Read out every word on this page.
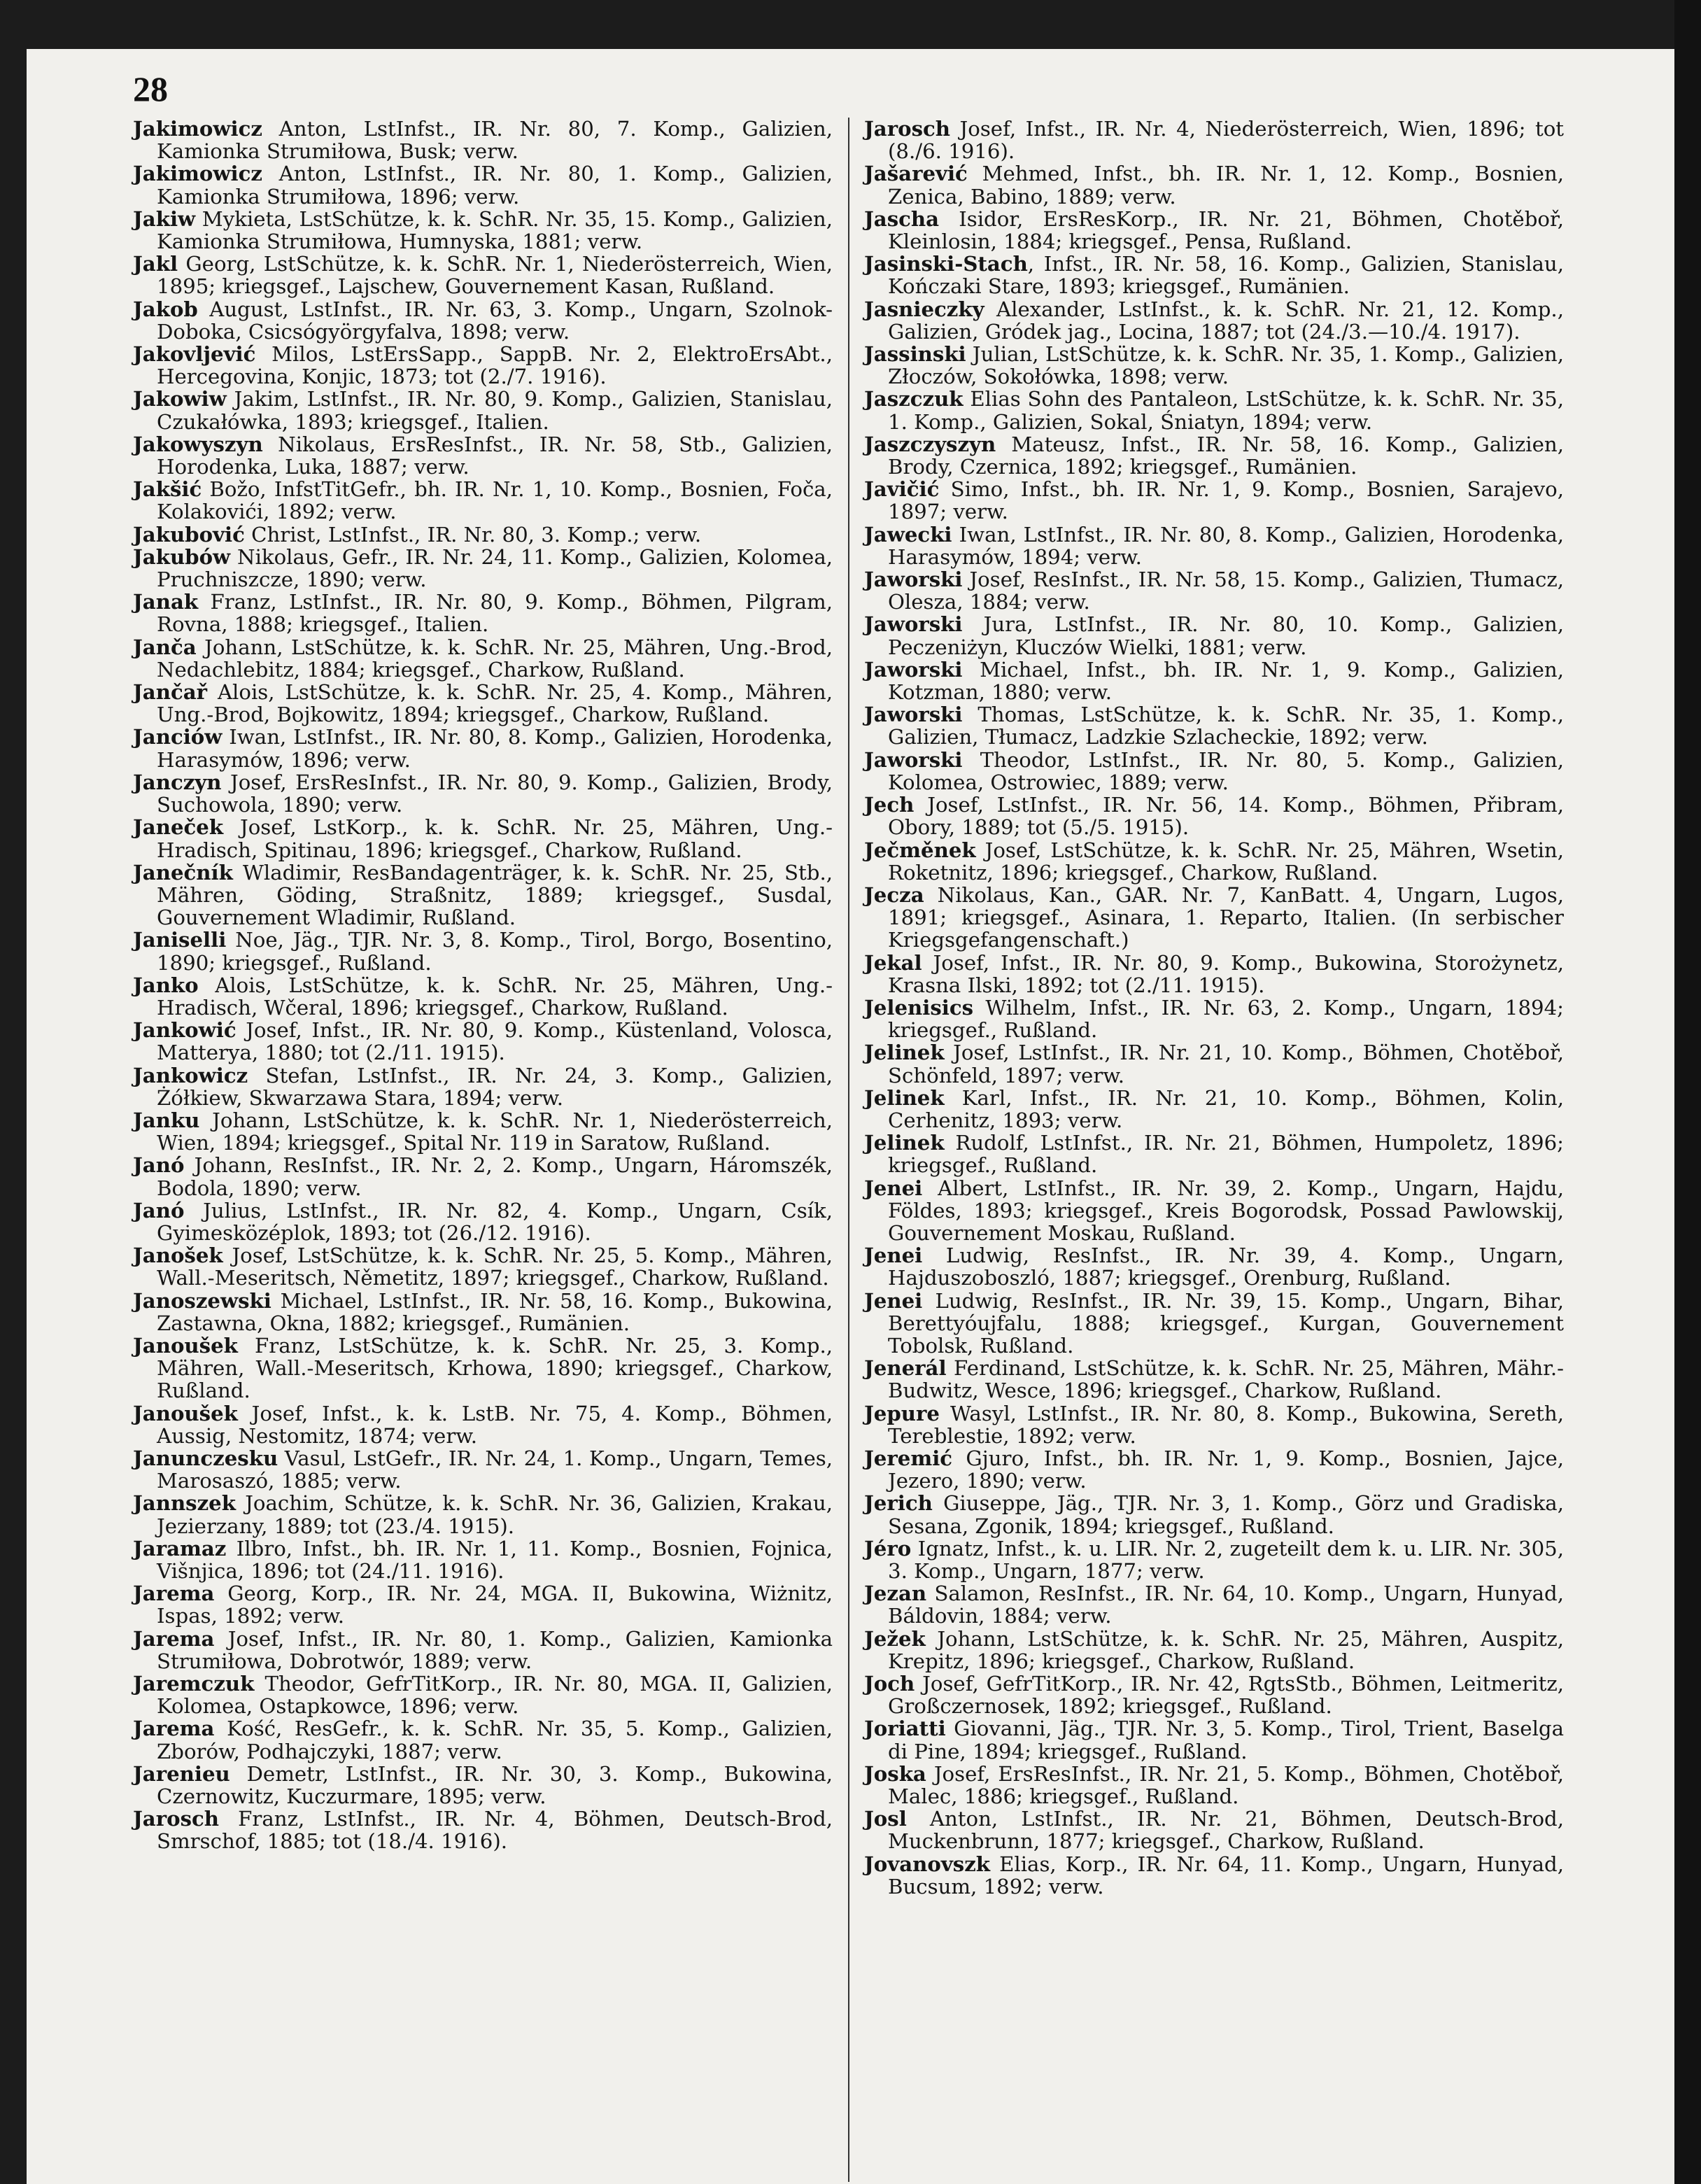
28
Jakimowicz Anton, LstInfst., IR. Nr. 80, 7. Komp., Galizien, Kamionka Strumiłowa, Busk; verw.
Jakimowicz Anton, LstInfst., IR. Nr. 80, 1. Komp., Galizien, Kamionka Strumiłowa, 1896; verw.
Jakiw Mykieta, LstSchütze, k. k. SchR. Nr. 35, 15. Komp., Galizien, Kamionka Strumiłowa, Humnyska, 1881; verw.
Jakl Georg, LstSchütze, k. k. SchR. Nr. 1, Niederösterreich, Wien, 1895; kriegsgef., Lajschew, Gouvernement Kasan, Rußland.
Jakob August, LstInfst., IR. Nr. 63, 3. Komp., Ungarn, Szolnok-Doboka, Csicsógyörgyfalva, 1898; verw.
Jakovljević Milos, LstErsSapp., SappB. Nr. 2, ElektroErsAbt., Hercegovina, Konjic, 1873; tot (2./7. 1916).
Jakowiw Jakim, LstInfst., IR. Nr. 80, 9. Komp., Galizien, Stanislau, Czukałówka, 1893; kriegsgef., Italien.
Jakowyszyn Nikolaus, ErsResInfst., IR. Nr. 58, Stb., Galizien, Horodenka, Luka, 1887; verw.
Jakšić Božo, InfstTitGefr., bh. IR. Nr. 1, 10. Komp., Bosnien, Foča, Kolakovići, 1892; verw.
Jakubović Christ, LstInfst., IR. Nr. 80, 3. Komp.; verw.
Jakubów Nikolaus, Gefr., IR. Nr. 24, 11. Komp., Galizien, Kolomea, Pruchniszcze, 1890; verw.
Janak Franz, LstInfst., IR. Nr. 80, 9. Komp., Böhmen, Pilgram, Rovna, 1888; kriegsgef., Italien.
Janča Johann, LstSchütze, k. k. SchR. Nr. 25, Mähren, Ung.-Brod, Nedachlebitz, 1884; kriegsgef., Charkow, Rußland.
Jančař Alois, LstSchütze, k. k. SchR. Nr. 25, 4. Komp., Mähren, Ung.-Brod, Bojkowitz, 1894; kriegsgef., Charkow, Rußland.
Janciów Iwan, LstInfst., IR. Nr. 80, 8. Komp., Galizien, Horodenka, Harasymów, 1896; verw.
Janczyn Josef, ErsResInfst., IR. Nr. 80, 9. Komp., Galizien, Brody, Suchowola, 1890; verw.
Janeček Josef, LstKorp., k. k. SchR. Nr. 25, Mähren, Ung.-Hradisch, Spitinau, 1896; kriegsgef., Charkow, Rußland.
Janečník Wladimir, ResBandagenträger, k. k. SchR. Nr. 25, Stb., Mähren, Göding, Straßnitz, 1889; kriegsgef., Susdal, Gouvernement Wladimir, Rußland.
Janiselli Noe, Jäg., TJR. Nr. 3, 8. Komp., Tirol, Borgo, Bosentino, 1890; kriegsgef., Rußland.
Janko Alois, LstSchütze, k. k. SchR. Nr. 25, Mähren, Ung.-Hradisch, Wčeral, 1896; kriegsgef., Charkow, Rußland.
Jankowić Josef, Infst., IR. Nr. 80, 9. Komp., Küstenland, Volosca, Matterya, 1880; tot (2./11. 1915).
Jankowicz Stefan, LstInfst., IR. Nr. 24, 3. Komp., Galizien, Żółkiew, Skwarzawa Stara, 1894; verw.
Janku Johann, LstSchütze, k. k. SchR. Nr. 1, Niederösterreich, Wien, 1894; kriegsgef., Spital Nr. 119 in Saratow, Rußland.
Janó Johann, ResInfst., IR. Nr. 2, 2. Komp., Ungarn, Háromszék, Bodola, 1890; verw.
Janó Julius, LstInfst., IR. Nr. 82, 4. Komp., Ungarn, Csík, Gyimesközéplok, 1893; tot (26./12. 1916).
Janošek Josef, LstSchütze, k. k. SchR. Nr. 25, 5. Komp., Mähren, Wall.-Meseritsch, Němetitz, 1897; kriegsgef., Charkow, Rußland.
Janoszewski Michael, LstInfst., IR. Nr. 58, 16. Komp., Bukowina, Zastawna, Okna, 1882; kriegsgef., Rumänien.
Janoušek Franz, LstSchütze, k. k. SchR. Nr. 25, 3. Komp., Mähren, Wall.-Meseritsch, Krhowa, 1890; kriegsgef., Charkow, Rußland.
Janoušek Josef, Infst., k. k. LstB. Nr. 75, 4. Komp., Böhmen, Aussig, Nestomitz, 1874; verw.
Janunczesku Vasul, LstGefr., IR. Nr. 24, 1. Komp., Ungarn, Temes, Marosaszó, 1885; verw.
Jannszek Joachim, Schütze, k. k. SchR. Nr. 36, Galizien, Krakau, Jezierzany, 1889; tot (23./4. 1915).
Jaramaz Ilbro, Infst., bh. IR. Nr. 1, 11. Komp., Bosnien, Fojnica, Višnjica, 1896; tot (24./11. 1916).
Jarema Georg, Korp., IR. Nr. 24, MGA. II, Bukowina, Wiżnitz, Ispas, 1892; verw.
Jarema Josef, Infst., IR. Nr. 80, 1. Komp., Galizien, Kamionka Strumiłowa, Dobrotwór, 1889; verw.
Jaremczuk Theodor, GefrTitKorp., IR. Nr. 80, MGA. II, Galizien, Kolomea, Ostapkowce, 1896; verw.
Jarema Kość, ResGefr., k. k. SchR. Nr. 35, 5. Komp., Galizien, Zborów, Podhajczyki, 1887; verw.
Jarenieu Demetr, LstInfst., IR. Nr. 30, 3. Komp., Bukowina, Czernowitz, Kuczurmare, 1895; verw.
Jarosch Franz, LstInfst., IR. Nr. 4, Böhmen, Deutsch-Brod, Smrschof, 1885; tot (18./4. 1916).
Jarosch Josef, Infst., IR. Nr. 4, Niederösterreich, Wien, 1896; tot (8./6. 1916).
Jašarević Mehmed, Infst., bh. IR. Nr. 1, 12. Komp., Bosnien, Zenica, Babino, 1889; verw.
Jascha Isidor, ErsResKorp., IR. Nr. 21, Böhmen, Chotěboř, Kleinlosin, 1884; kriegsgef., Pensa, Rußland.
Jasinski-Stach, Infst., IR. Nr. 58, 16. Komp., Galizien, Stanislau, Kończaki Stare, 1893; kriegsgef., Rumänien.
Jasnieczky Alexander, LstInfst., k. k. SchR. Nr. 21, 12. Komp., Galizien, Gródek jag., Locina, 1887; tot (24./3.—10./4. 1917).
Jassinski Julian, LstSchütze, k. k. SchR. Nr. 35, 1. Komp., Galizien, Złoczów, Sokołówka, 1898; verw.
Jaszczuk Elias Sohn des Pantaleon, LstSchütze, k. k. SchR. Nr. 35, 1. Komp., Galizien, Sokal, Śniatyn, 1894; verw.
Jaszczyszyn Mateusz, Infst., IR. Nr. 58, 16. Komp., Galizien, Brody, Czernica, 1892; kriegsgef., Rumänien.
Javičić Simo, Infst., bh. IR. Nr. 1, 9. Komp., Bosnien, Sarajevo, 1897; verw.
Jawecki Iwan, LstInfst., IR. Nr. 80, 8. Komp., Galizien, Horodenka, Harasymów, 1894; verw.
Jaworski Josef, ResInfst., IR. Nr. 58, 15. Komp., Galizien, Tłumacz, Olesza, 1884; verw.
Jaworski Jura, LstInfst., IR. Nr. 80, 10. Komp., Galizien, Peczeniżyn, Kluczów Wielki, 1881; verw.
Jaworski Michael, Infst., bh. IR. Nr. 1, 9. Komp., Galizien, Kotzman, 1880; verw.
Jaworski Thomas, LstSchütze, k. k. SchR. Nr. 35, 1. Komp., Galizien, Tłumacz, Ladzkie Szlacheckie, 1892; verw.
Jaworski Theodor, LstInfst., IR. Nr. 80, 5. Komp., Galizien, Kolomea, Ostrowiec, 1889; verw.
Jech Josef, LstInfst., IR. Nr. 56, 14. Komp., Böhmen, Přibram, Obory, 1889; tot (5./5. 1915).
Ječměnek Josef, LstSchütze, k. k. SchR. Nr. 25, Mähren, Wsetin, Roketnitz, 1896; kriegsgef., Charkow, Rußland.
Jecza Nikolaus, Kan., GAR. Nr. 7, KanBatt. 4, Ungarn, Lugos, 1891; kriegsgef., Asinara, 1. Reparto, Italien. (In serbischer Kriegsgefangenschaft.)
Jekal Josef, Infst., IR. Nr. 80, 9. Komp., Bukowina, Storożynetz, Krasna Ilski, 1892; tot (2./11. 1915).
Jelenisics Wilhelm, Infst., IR. Nr. 63, 2. Komp., Ungarn, 1894; kriegsgef., Rußland.
Jelinek Josef, LstInfst., IR. Nr. 21, 10. Komp., Böhmen, Chotěboř, Schönfeld, 1897; verw.
Jelinek Karl, Infst., IR. Nr. 21, 10. Komp., Böhmen, Kolin, Cerhenitz, 1893; verw.
Jelinek Rudolf, LstInfst., IR. Nr. 21, Böhmen, Humpoletz, 1896; kriegsgef., Rußland.
Jenei Albert, LstInfst., IR. Nr. 39, 2. Komp., Ungarn, Hajdu, Földes, 1893; kriegsgef., Kreis Bogorodsk, Possad Pawlowskij, Gouvernement Moskau, Rußland.
Jenei Ludwig, ResInfst., IR. Nr. 39, 4. Komp., Ungarn, Hajduszoboszló, 1887; kriegsgef., Orenburg, Rußland.
Jenei Ludwig, ResInfst., IR. Nr. 39, 15. Komp., Ungarn, Bihar, Berettyóujfalu, 1888; kriegsgef., Kurgan, Gouvernement Tobolsk, Rußland.
Jenerál Ferdinand, LstSchütze, k. k. SchR. Nr. 25, Mähren, Mähr.-Budwitz, Wesce, 1896; kriegsgef., Charkow, Rußland.
Jepure Wasyl, LstInfst., IR. Nr. 80, 8. Komp., Bukowina, Sereth, Tereblestie, 1892; verw.
Jeremić Gjuro, Infst., bh. IR. Nr. 1, 9. Komp., Bosnien, Jajce, Jezero, 1890; verw.
Jerich Giuseppe, Jäg., TJR. Nr. 3, 1. Komp., Görz und Gradiska, Sesana, Zgonik, 1894; kriegsgef., Rußland.
Jéro Ignatz, Infst., k. u. LIR. Nr. 2, zugeteilt dem k. u. LIR. Nr. 305, 3. Komp., Ungarn, 1877; verw.
Jezan Salamon, ResInfst., IR. Nr. 64, 10. Komp., Ungarn, Hunyad, Báldovin, 1884; verw.
Ježek Johann, LstSchütze, k. k. SchR. Nr. 25, Mähren, Auspitz, Krepitz, 1896; kriegsgef., Charkow, Rußland.
Joch Josef, GefrTitKorp., IR. Nr. 42, RgtsStb., Böhmen, Leitmeritz, Großczernosek, 1892; kriegsgef., Rußland.
Joriatti Giovanni, Jäg., TJR. Nr. 3, 5. Komp., Tirol, Trient, Baselga di Pine, 1894; kriegsgef., Rußland.
Joska Josef, ErsResInfst., IR. Nr. 21, 5. Komp., Böhmen, Chotěboř, Malec, 1886; kriegsgef., Rußland.
Josl Anton, LstInfst., IR. Nr. 21, Böhmen, Deutsch-Brod, Muckenbrunn, 1877; kriegsgef., Charkow, Rußland.
Jovanovszk Elias, Korp., IR. Nr. 64, 11. Komp., Ungarn, Hunyad, Bucsum, 1892; verw.
